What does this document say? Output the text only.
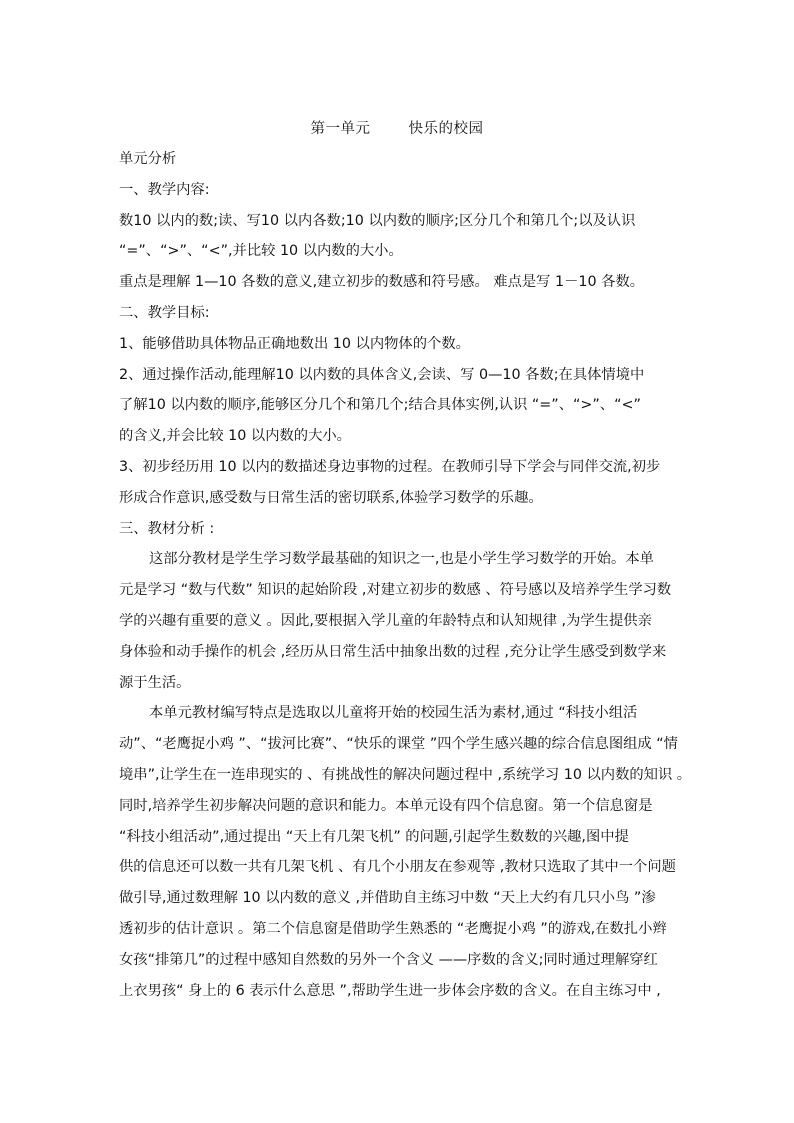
第一单元	快乐的校园

单元分析

一、教学内容:

数10 以内的数;读、写10 以内各数;10 以内数的顺序;区分几个和第几个;以及认识

“=”、“>”、“<”,并比较 10 以内数的大小。

重点是理解 1—10 各数的意义,建立初步的数感和符号感。 难点是写 1－10 各数。

二、教学目标:

1、能够借助具体物品正确地数出 10 以内物体的个数。

2、通过操作活动,能理解10 以内数的具体含义,会读、写 0—10 各数;在具体情境中

了解10 以内数的顺序,能够区分几个和第几个;结合具体实例,认识 “=”、“>”、“<”

的含义,并会比较 10 以内数的大小。

3、初步经历用 10 以内的数描述身边事物的过程。在教师引导下学会与同伴交流,初步

形成合作意识,感受数与日常生活的密切联系,体验学习数学的乐趣。

三、教材分析 :

这部分教材是学生学习数学最基础的知识之一,也是小学生学习数学的开始。本单

元是学习 “数与代数” 知识的起始阶段 ,对建立初步的数感 、符号感以及培养学生学习数

学的兴趣有重要的意义 。因此,要根据入学儿童的年龄特点和认知规律 ,为学生提供亲

身体验和动手操作的机会 ,经历从日常生活中抽象出数的过程 ,充分让学生感受到数学来

源于生活。

本单元教材编写特点是选取以儿童将开始的校园生活为素材,通过 “科技小组活

动”、“老鹰捉小鸡 ”、“拔河比赛”、“快乐的课堂 ”四个学生感兴趣的综合信息图组成 “情

境串”,让学生在一连串现实的 、有挑战性的解决问题过程中 ,系统学习 10 以内数的知识 。

同时,培养学生初步解决问题的意识和能力。本单元设有四个信息窗。第一个信息窗是

“科技小组活动”,通过提出 “天上有几架飞机” 的问题,引起学生数数的兴趣,图中提

供的信息还可以数一共有几架飞机 、有几个小朋友在参观等 ,教材只选取了其中一个问题

做引导,通过数理解 10 以内数的意义 ,并借助自主练习中数 “天上大约有几只小鸟 ”渗

透初步的估计意识 。第二个信息窗是借助学生熟悉的 “老鹰捉小鸡 ”的游戏,在数扎小辫

女孩“排第几”的过程中感知自然数的另外一个含义 ——序数的含义;同时通过理解穿红

上衣男孩“ 身上的 6 表示什么意思 ”,帮助学生进一步体会序数的含义。在自主练习中 ,
